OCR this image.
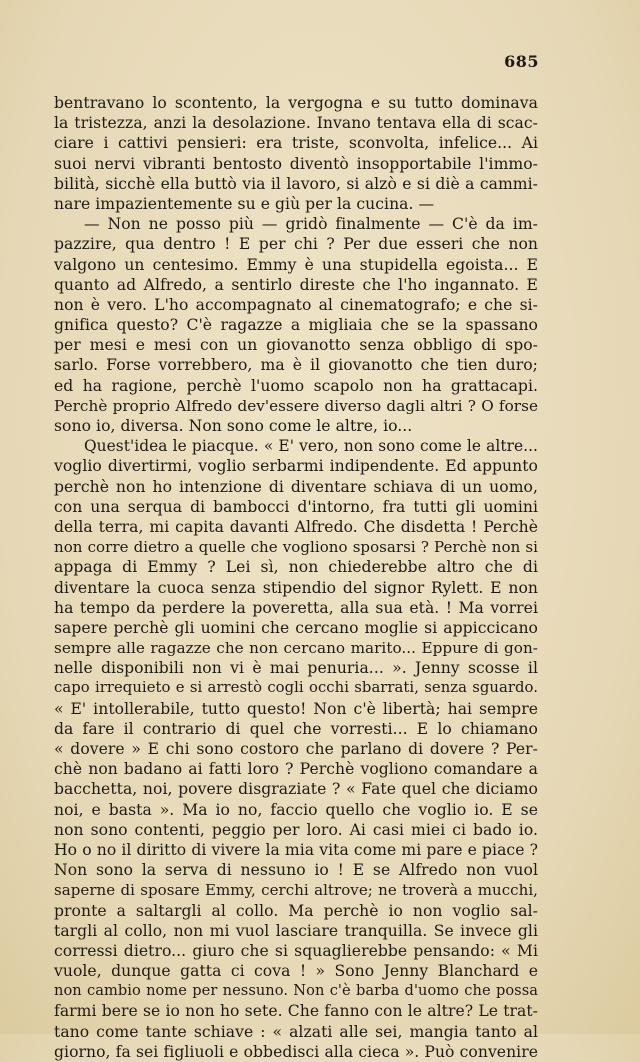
685
bentravano lo scontento, la vergogna e su tutto dominava
la tristezza, anzi la desolazione. Invano tentava ella di scac-
ciare i cattivi pensieri: era triste, sconvolta, infelice... Ai
suoi nervi vibranti bentosto diventò insopportabile l'immo-
bilità, sicchè ella buttò via il lavoro, si alzò e si diè a cammi-
nare impazientemente su e giù per la cucina. —
— Non ne posso più — gridò finalmente — C'è da im-
pazzire, qua dentro ! E per chi ? Per due esseri che non
valgono un centesimo. Emmy è una stupidella egoista... E
quanto ad Alfredo, a sentirlo direste che l'ho ingannato. E
non è vero. L'ho accompagnato al cinematografo; e che si-
gnifica questo? C'è ragazze a migliaia che se la spassano
per mesi e mesi con un giovanotto senza obbligo di spo-
sarlo. Forse vorrebbero, ma è il giovanotto che tien duro;
ed ha ragione, perchè l'uomo scapolo non ha grattacapi.
Perchè proprio Alfredo dev'essere diverso dagli altri ? O forse
sono io, diversa. Non sono come le altre, io...
Quest'idea le piacque. « E' vero, non sono come le altre...
voglio divertirmi, voglio serbarmi indipendente. Ed appunto
perchè non ho intenzione di diventare schiava di un uomo,
con una serqua di bambocci d'intorno, fra tutti gli uomini
della terra, mi capita davanti Alfredo. Che disdetta ! Perchè
non corre dietro a quelle che vogliono sposarsi ? Perchè non si
appaga di Emmy ? Lei sì, non chiederebbe altro che di
diventare la cuoca senza stipendio del signor Rylett. E non
ha tempo da perdere la poveretta, alla sua età. ! Ma vorrei
sapere perchè gli uomini che cercano moglie si appiccicano
sempre alle ragazze che non cercano marito... Eppure di gon-
nelle disponibili non vi è mai penuria... ». Jenny scosse il
capo irrequieto e si arrestò cogli occhi sbarrati, senza sguardo.
« E' intollerabile, tutto questo! Non c'è libertà; hai sempre
da fare il contrario di quel che vorresti... E lo chiamano
« dovere » E chi sono costoro che parlano di dovere ? Per-
chè non badano ai fatti loro ? Perchè vogliono comandare a
bacchetta, noi, povere disgraziate ? « Fate quel che diciamo
noi, e basta ». Ma io no, faccio quello che voglio io. E se
non sono contenti, peggio per loro. Ai casi miei ci bado io.
Ho o no il diritto di vivere la mia vita come mi pare e piace ?
Non sono la serva di nessuno io ! E se Alfredo non vuol
saperne di sposare Emmy, cerchi altrove; ne troverà a mucchi,
pronte a saltargli al collo. Ma perchè io non voglio sal-
targli al collo, non mi vuol lasciare tranquilla. Se invece gli
corressi dietro... giuro che si squaglierebbe pensando: « Mi
vuole, dunque gatta ci cova ! » Sono Jenny Blanchard e
non cambio nome per nessuno. Non c'è barba d'uomo che possa
farmi bere se io non ho sete. Che fanno con le altre? Le trat-
tano come tante schiave : « alzati alle sei, mangia tanto al
giorno, fa sei figliuoli e obbedisci alla cieca ». Può convenire
